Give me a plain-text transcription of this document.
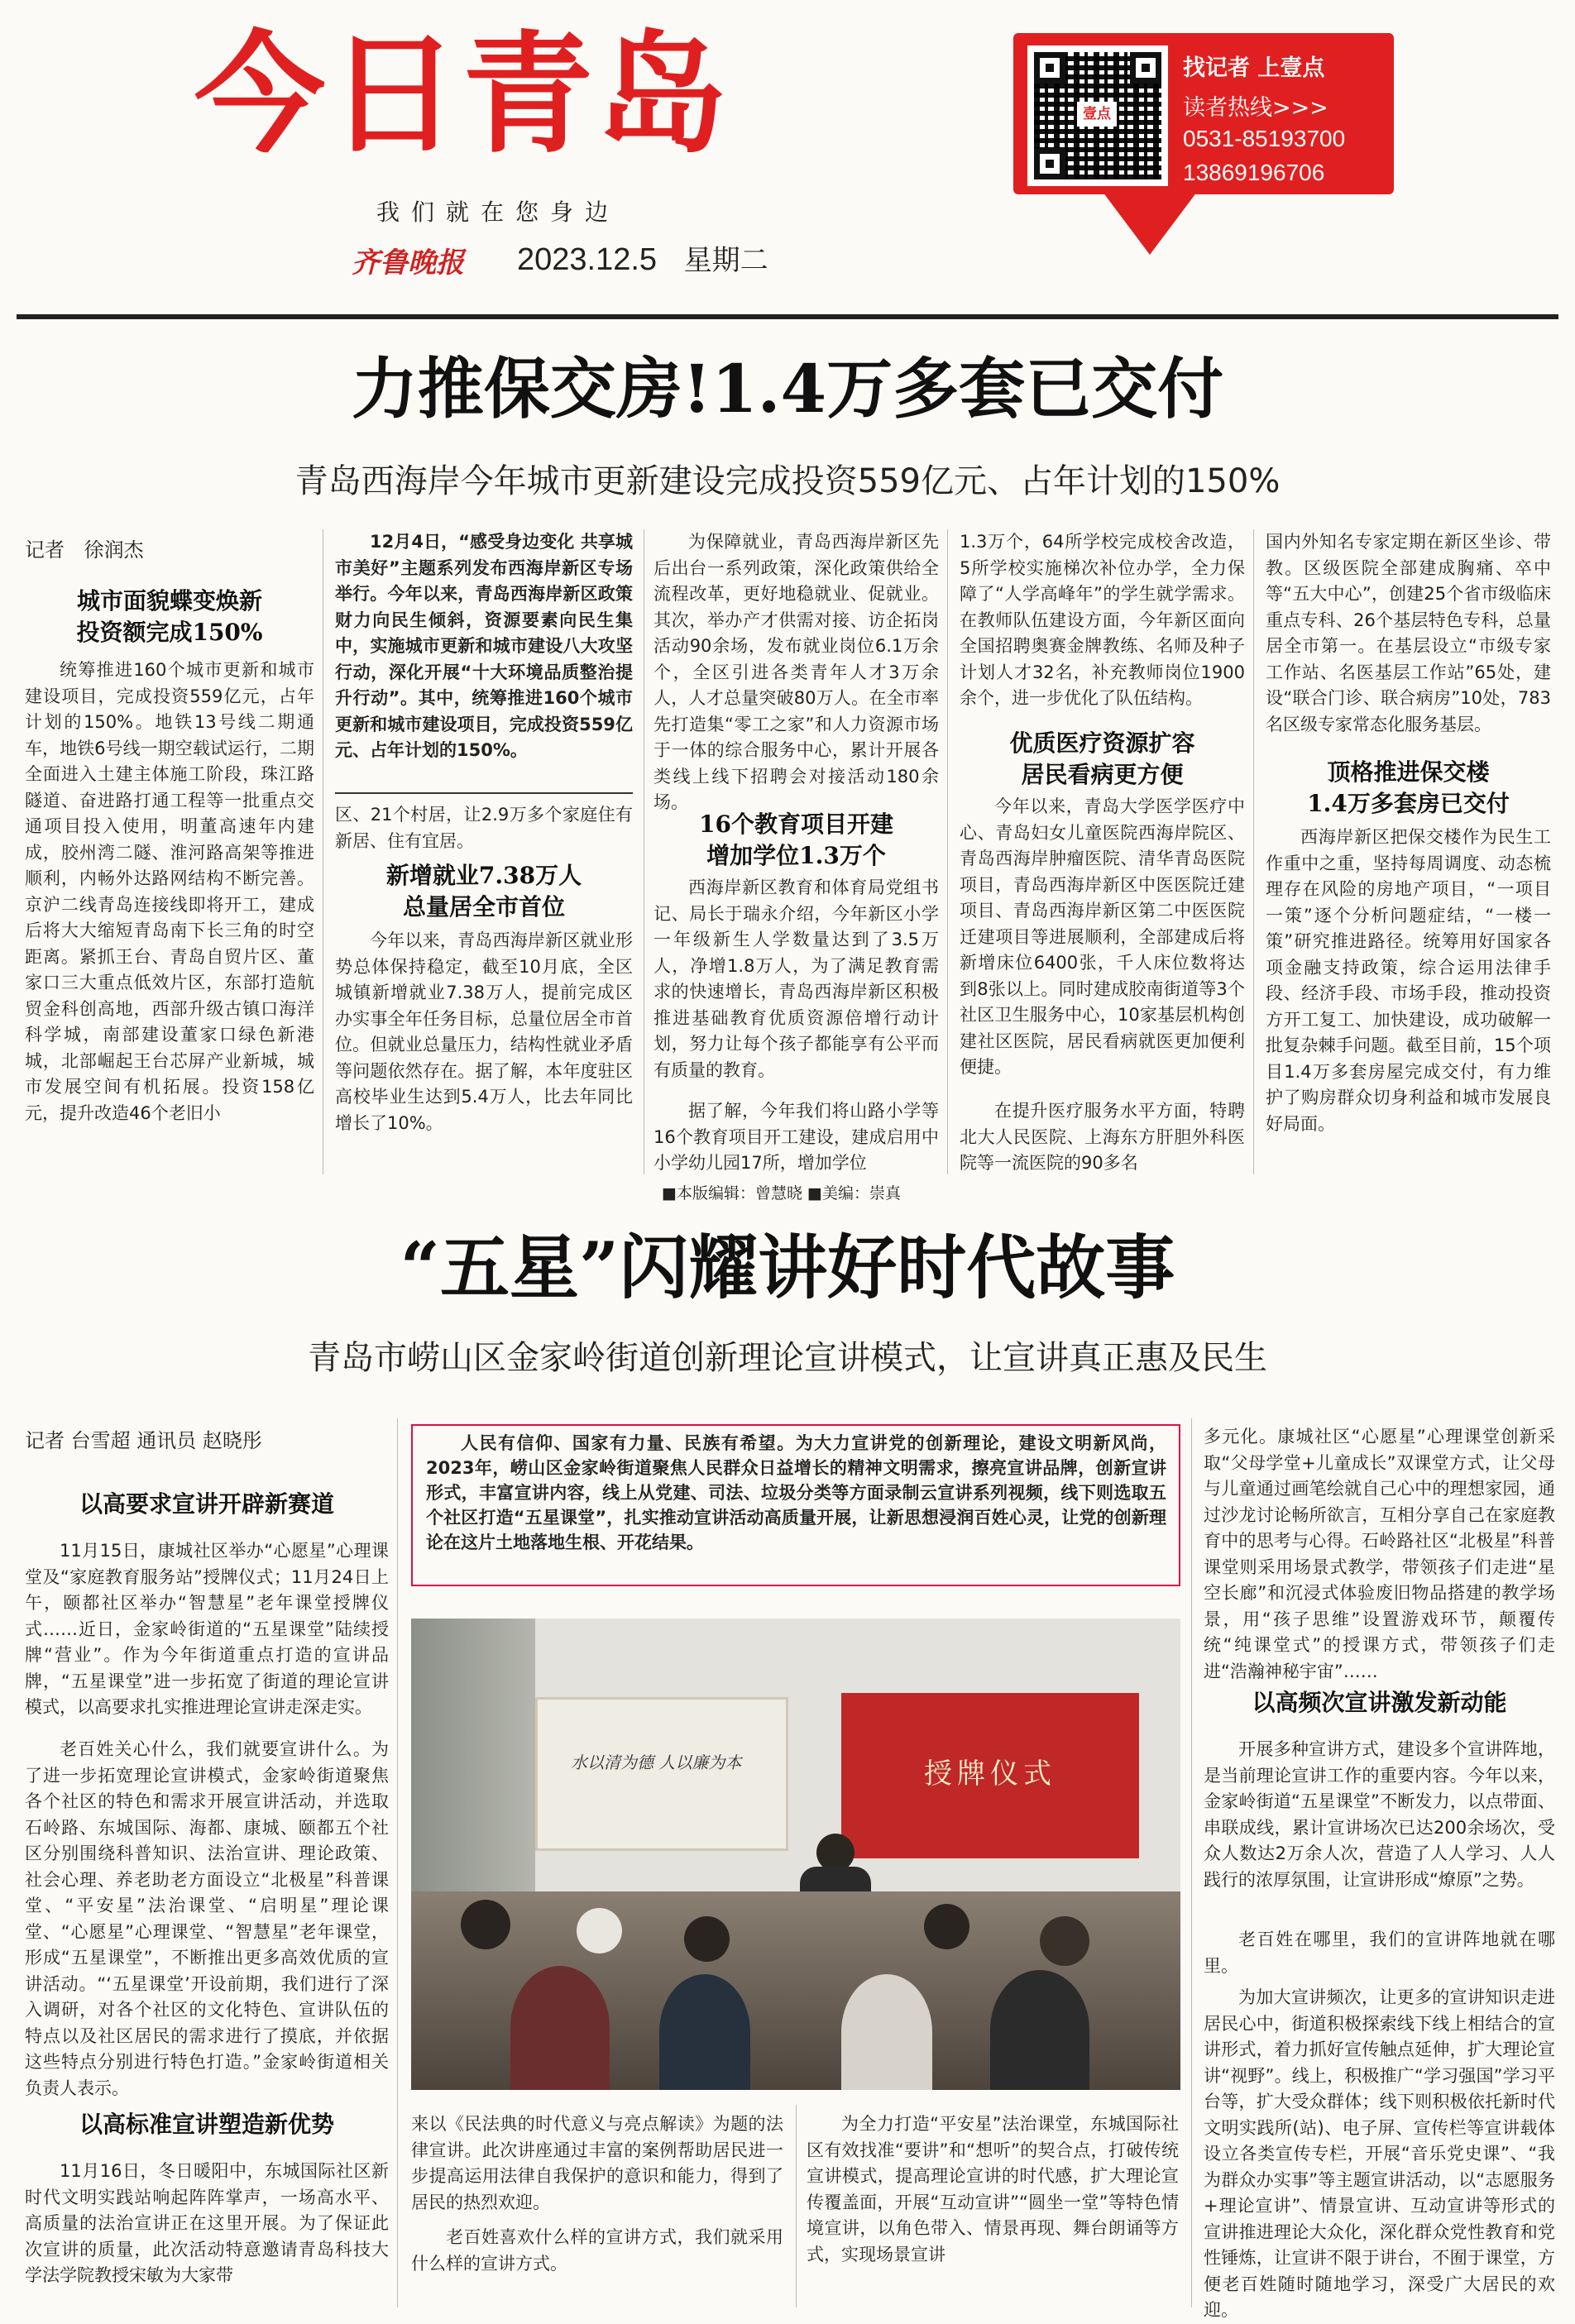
今日青岛
我们就在您身边
齐鲁晚报 2023.12.5 星期二
壹点
找记者 上壹点
读者热线>>>
0531-85193700
13869196706
力推保交房!1.4万多套已交付
青岛西海岸今年城市更新建设完成投资559亿元、占年计划的150%
记者 徐润杰
城市面貌蝶变焕新
投资额完成150%
统筹推进160个城市更新和城市建设项目，完成投资559亿元，占年计划的150%。地铁13号线二期通车，地铁6号线一期空载试运行，二期全面进入土建主体施工阶段，珠江路隧道、奋进路打通工程等一批重点交通项目投入使用，明董高速年内建成，胶州湾二隧、淮河路高架等推进顺利，内畅外达路网结构不断完善。京沪二线青岛连接线即将开工，建成后将大大缩短青岛南下长三角的时空距离。紧抓王台、青岛自贸片区、董家口三大重点低效片区，东部打造航贸金科创高地，西部升级古镇口海洋科学城，南部建设董家口绿色新港城，北部崛起王台芯屏产业新城，城市发展空间有机拓展。投资158亿元，提升改造46个老旧小
12月4日，“感受身边变化 共享城市美好”主题系列发布西海岸新区专场举行。今年以来，青岛西海岸新区政策财力向民生倾斜，资源要素向民生集中，实施城市更新和城市建设八大攻坚行动，深化开展“十大环境品质整治提升行动”。其中，统筹推进160个城市更新和城市建设项目，完成投资559亿元、占年计划的150%。
区、21个村居，让2.9万多个家庭住有新居、住有宜居。
新增就业7.38万人
总量居全市首位
今年以来，青岛西海岸新区就业形势总体保持稳定，截至10月底，全区城镇新增就业7.38万人，提前完成区办实事全年任务目标，总量位居全市首位。但就业总量压力，结构性就业矛盾等问题依然存在。据了解，本年度驻区高校毕业生达到5.4万人，比去年同比增长了10%。
为保障就业，青岛西海岸新区先后出台一系列政策，深化政策供给全流程改革，更好地稳就业、促就业。其次，举办产才供需对接、访企拓岗活动90余场，发布就业岗位6.1万余个，全区引进各类青年人才3万余人，人才总量突破80万人。在全市率先打造集“零工之家”和人力资源市场于一体的综合服务中心，累计开展各类线上线下招聘会对接活动180余场。
16个教育项目开建
增加学位1.3万个
西海岸新区教育和体育局党组书记、局长于瑞永介绍，今年新区小学一年级新生人学数量达到了3.5万人，净增1.8万人，为了满足教育需求的快速增长，青岛西海岸新区积极推进基础教育优质资源倍增行动计划，努力让每个孩子都能享有公平而有质量的教育。
据了解，今年我们将山路小学等16个教育项目开工建设，建成启用中小学幼儿园17所，增加学位
1.3万个，64所学校完成校舍改造，5所学校实施梯次补位办学，全力保障了“人学高峰年”的学生就学需求。在教师队伍建设方面，今年新区面向全国招聘奥赛金牌教练、名师及种子计划人才32名，补充教师岗位1900余个，进一步优化了队伍结构。
优质医疗资源扩容
居民看病更方便
今年以来，青岛大学医学医疗中心、青岛妇女儿童医院西海岸院区、青岛西海岸肿瘤医院、清华青岛医院项目，青岛西海岸新区中医医院迁建项目、青岛西海岸新区第二中医医院迁建项目等进展顺利，全部建成后将新增床位6400张，千人床位数将达到8张以上。同时建成胶南街道等3个社区卫生服务中心，10家基层机构创建社区医院，居民看病就医更加便利便捷。
在提升医疗服务水平方面，特聘北大人民医院、上海东方肝胆外科医院等一流医院的90多名
国内外知名专家定期在新区坐诊、带教。区级医院全部建成胸痛、卒中等“五大中心”，创建25个省市级临床重点专科、26个基层特色专科，总量居全市第一。在基层设立“市级专家工作站、名医基层工作站”65处，建设“联合门诊、联合病房”10处，783名区级专家常态化服务基层。
顶格推进保交楼
1.4万多套房已交付
西海岸新区把保交楼作为民生工作重中之重，坚持每周调度、动态梳理存在风险的房地产项目，“一项目一策”逐个分析问题症结，“一楼一策”研究推进路径。统筹用好国家各项金融支持政策，综合运用法律手段、经济手段、市场手段，推动投资方开工复工、加快建设，成功破解一批复杂棘手问题。截至目前，15个项目1.4万多套房屋完成交付，有力维护了购房群众切身利益和城市发展良好局面。
■本版编辑：曾慧晓 ■美编：崇真
“五星”闪耀讲好时代故事
青岛市崂山区金家岭街道创新理论宣讲模式，让宣讲真正惠及民生
记者 台雪超 通讯员 赵晓彤	人民有信仰、国家有力量、民族有希望。为大力宣讲党的创新理论，建设文明新风尚，2023年，崂山区金家岭街道聚焦人民群众日益增长的精神文明需求，擦亮宣讲品牌，创新宣讲形式，丰富宣讲内容，线上从党建、司法、垃圾分类等方面录制云宣讲系列视频，线下则选取五个社区打造“五星课堂”，扎实推动宣讲活动高质量开展，让新思想浸润百姓心灵，让党的创新理论在这片土地落地生根、开花结果。
水以清为德 人以廉为本	授牌仪式
以高要求宣讲开辟新赛道
11月15日，康城社区举办“心愿星”心理课堂及“家庭教育服务站”授牌仪式；11月24日上午，颐都社区举办“智慧星”老年课堂授牌仪式……近日，金家岭街道的“五星课堂”陆续授牌“营业”。作为今年街道重点打造的宣讲品牌，“五星课堂”进一步拓宽了街道的理论宣讲模式，以高要求扎实推进理论宣讲走深走实。
老百姓关心什么，我们就要宣讲什么。为了进一步拓宽理论宣讲模式，金家岭街道聚焦各个社区的特色和需求开展宣讲活动，并选取石岭路、东城国际、海都、康城、颐都五个社区分别围绕科普知识、法治宣讲、理论政策、社会心理、养老助老方面设立“北极星”科普课堂、“平安星”法治课堂、“启明星”理论课堂、“心愿星”心理课堂、“智慧星”老年课堂，形成“五星课堂”，不断推出更多高效优质的宣讲活动。“‘五星课堂’开设前期，我们进行了深入调研，对各个社区的文化特色、宣讲队伍的特点以及社区居民的需求进行了摸底，并依据这些特点分别进行特色打造。”金家岭街道相关负责人表示。
以高标准宣讲塑造新优势
11月16日，冬日暖阳中，东城国际社区新时代文明实践站响起阵阵掌声，一场高水平、高质量的法治宣讲正在这里开展。为了保证此次宣讲的质量，此次活动特意邀请青岛科技大学法学院教授宋敏为大家带
来以《民法典的时代意义与亮点解读》为题的法律宣讲。此次讲座通过丰富的案例帮助居民进一步提高运用法律自我保护的意识和能力，得到了居民的热烈欢迎。
老百姓喜欢什么样的宣讲方式，我们就采用什么样的宣讲方式。
为全力打造“平安星”法治课堂，东城国际社区有效找准“要讲”和“想听”的契合点，打破传统宣讲模式，提高理论宣讲的时代感，扩大理论宣传覆盖面，开展“互动宣讲”“圆坐一堂”等特色情境宣讲，以角色带入、情景再现、舞台朗诵等方式，实现场景宣讲
多元化。康城社区“心愿星”心理课堂创新采取“父母学堂+儿童成长”双课堂方式，让父母与儿童通过画笔绘就自己心中的理想家园，通过沙龙讨论畅所欲言，互相分享自己在家庭教育中的思考与心得。石岭路社区“北极星”科普课堂则采用场景式教学，带领孩子们走进“星空长廊”和沉浸式体验废旧物品搭建的教学场景，用“孩子思维”设置游戏环节，颠覆传统“纯课堂式”的授课方式，带领孩子们走进“浩瀚神秘宇宙”……
以高频次宣讲激发新动能
开展多种宣讲方式，建设多个宣讲阵地，是当前理论宣讲工作的重要内容。今年以来，金家岭街道“五星课堂”不断发力，以点带面、串联成线，累计宣讲场次已达200余场次，受众人数达2万余人次，营造了人人学习、人人践行的浓厚氛围，让宣讲形成“燎原”之势。
老百姓在哪里，我们的宣讲阵地就在哪里。
为加大宣讲频次，让更多的宣讲知识走进居民心中，街道积极探索线下线上相结合的宣讲形式，着力抓好宣传触点延伸，扩大理论宣讲“视野”。线上，积极推广“学习强国”学习平台等，扩大受众群体；线下则积极依托新时代文明实践所(站)、电子屏、宣传栏等宣讲载体设立各类宣传专栏，开展“音乐党史课”、“我为群众办实事”等主题宣讲活动，以“志愿服务+理论宣讲”、情景宣讲、互动宣讲等形式的宣讲推进理论大众化，深化群众党性教育和党性锤炼，让宣讲不限于讲台，不囿于课堂，方便老百姓随时随地学习，深受广大居民的欢迎。
